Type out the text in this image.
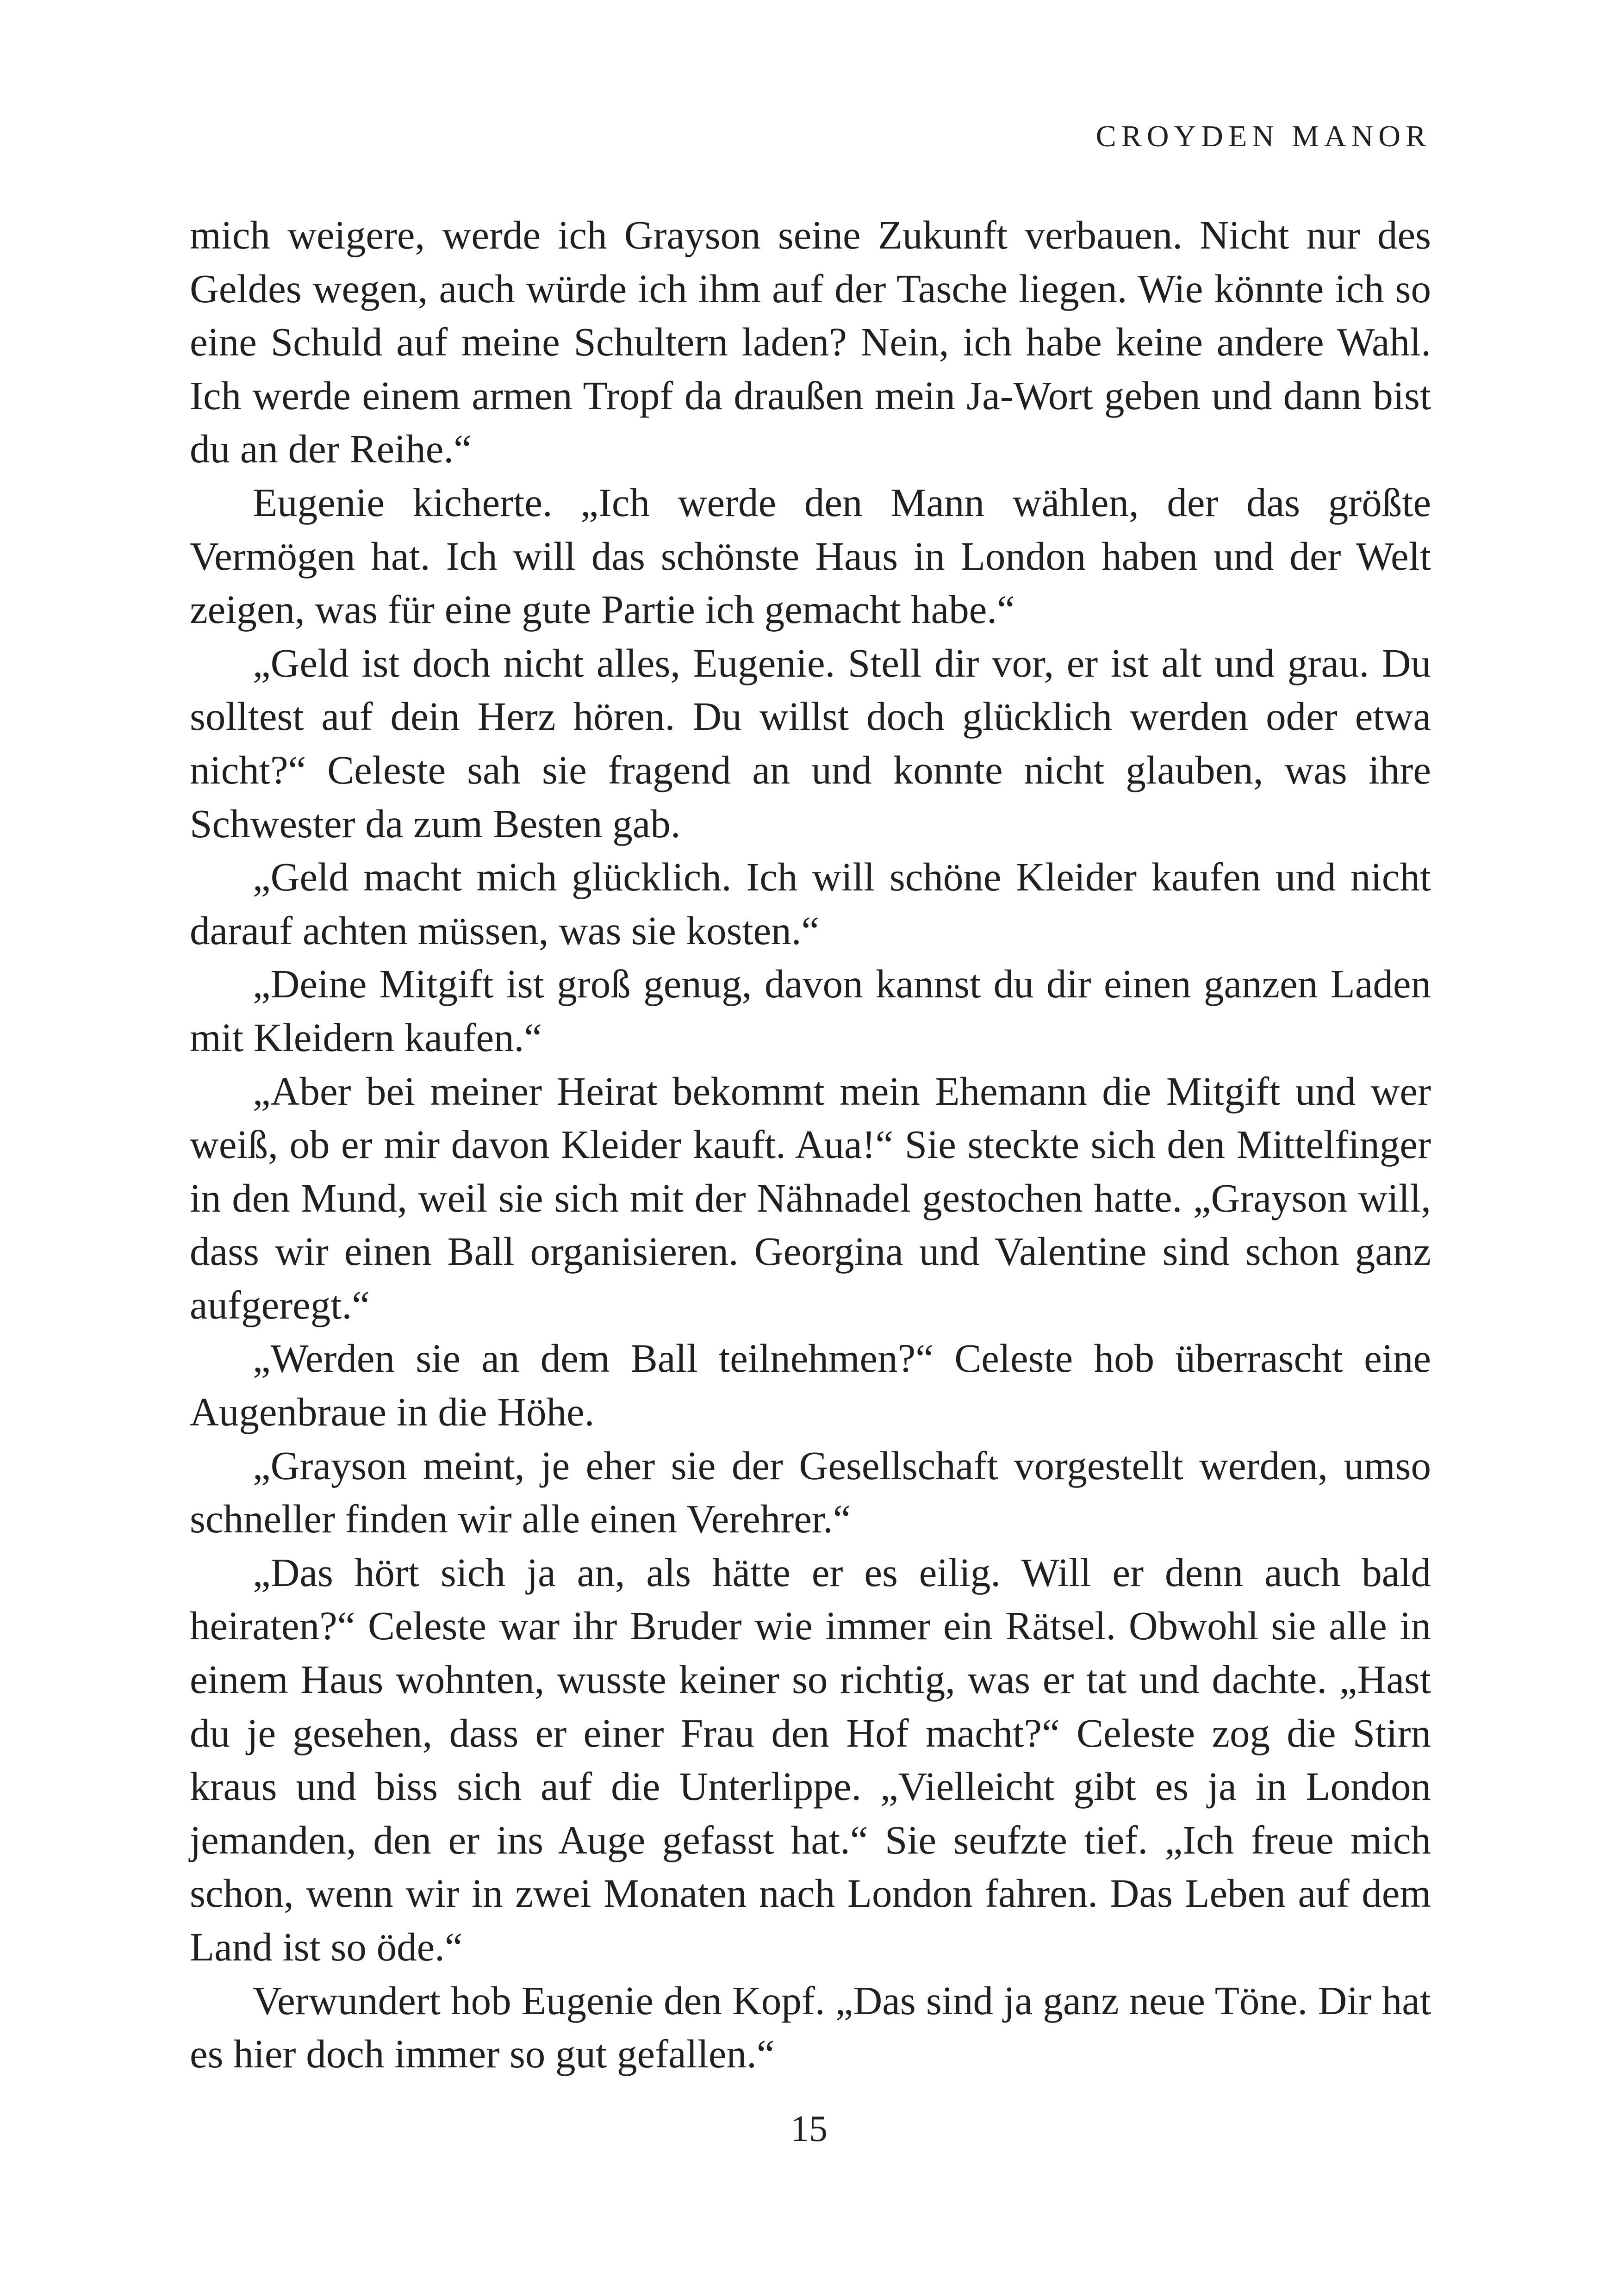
CROYDEN MANOR

mich weigere, werde ich Grayson seine Zukunft verbauen. Nicht nur des Geldes wegen, auch würde ich ihm auf der Tasche liegen. Wie könnte ich so eine Schuld auf meine Schultern laden? Nein, ich habe keine andere Wahl. Ich werde einem armen Tropf da draußen mein Ja-Wort geben und dann bist du an der Reihe.“

Eugenie kicherte. „Ich werde den Mann wählen, der das größte Vermögen hat. Ich will das schönste Haus in London haben und der Welt zeigen, was für eine gute Partie ich gemacht habe.“

„Geld ist doch nicht alles, Eugenie. Stell dir vor, er ist alt und grau. Du solltest auf dein Herz hören. Du willst doch glücklich werden oder etwa nicht?“ Celeste sah sie fragend an und konnte nicht glauben, was ihre Schwester da zum Besten gab.

„Geld macht mich glücklich. Ich will schöne Kleider kaufen und nicht darauf achten müssen, was sie kosten.“

„Deine Mitgift ist groß genug, davon kannst du dir einen ganzen Laden mit Kleidern kaufen.“

„Aber bei meiner Heirat bekommt mein Ehemann die Mitgift und wer weiß, ob er mir davon Kleider kauft. Aua!“ Sie steckte sich den Mittelfinger in den Mund, weil sie sich mit der Nähnadel gestochen hatte. „Grayson will, dass wir einen Ball organisieren. Georgina und Valentine sind schon ganz aufgeregt.“

„Werden sie an dem Ball teilnehmen?“ Celeste hob überrascht eine Augenbraue in die Höhe.

„Grayson meint, je eher sie der Gesellschaft vorgestellt werden, umso schneller finden wir alle einen Verehrer.“

„Das hört sich ja an, als hätte er es eilig. Will er denn auch bald heiraten?“ Celeste war ihr Bruder wie immer ein Rätsel. Obwohl sie alle in einem Haus wohnten, wusste keiner so richtig, was er tat und dachte. „Hast du je gesehen, dass er einer Frau den Hof macht?“ Celeste zog die Stirn kraus und biss sich auf die Unterlippe. „Vielleicht gibt es ja in London jemanden, den er ins Auge gefasst hat.“ Sie seufzte tief. „Ich freue mich schon, wenn wir in zwei Monaten nach London fahren. Das Leben auf dem Land ist so öde.“

Verwundert hob Eugenie den Kopf. „Das sind ja ganz neue Töne. Dir hat es hier doch immer so gut gefallen.“

15
